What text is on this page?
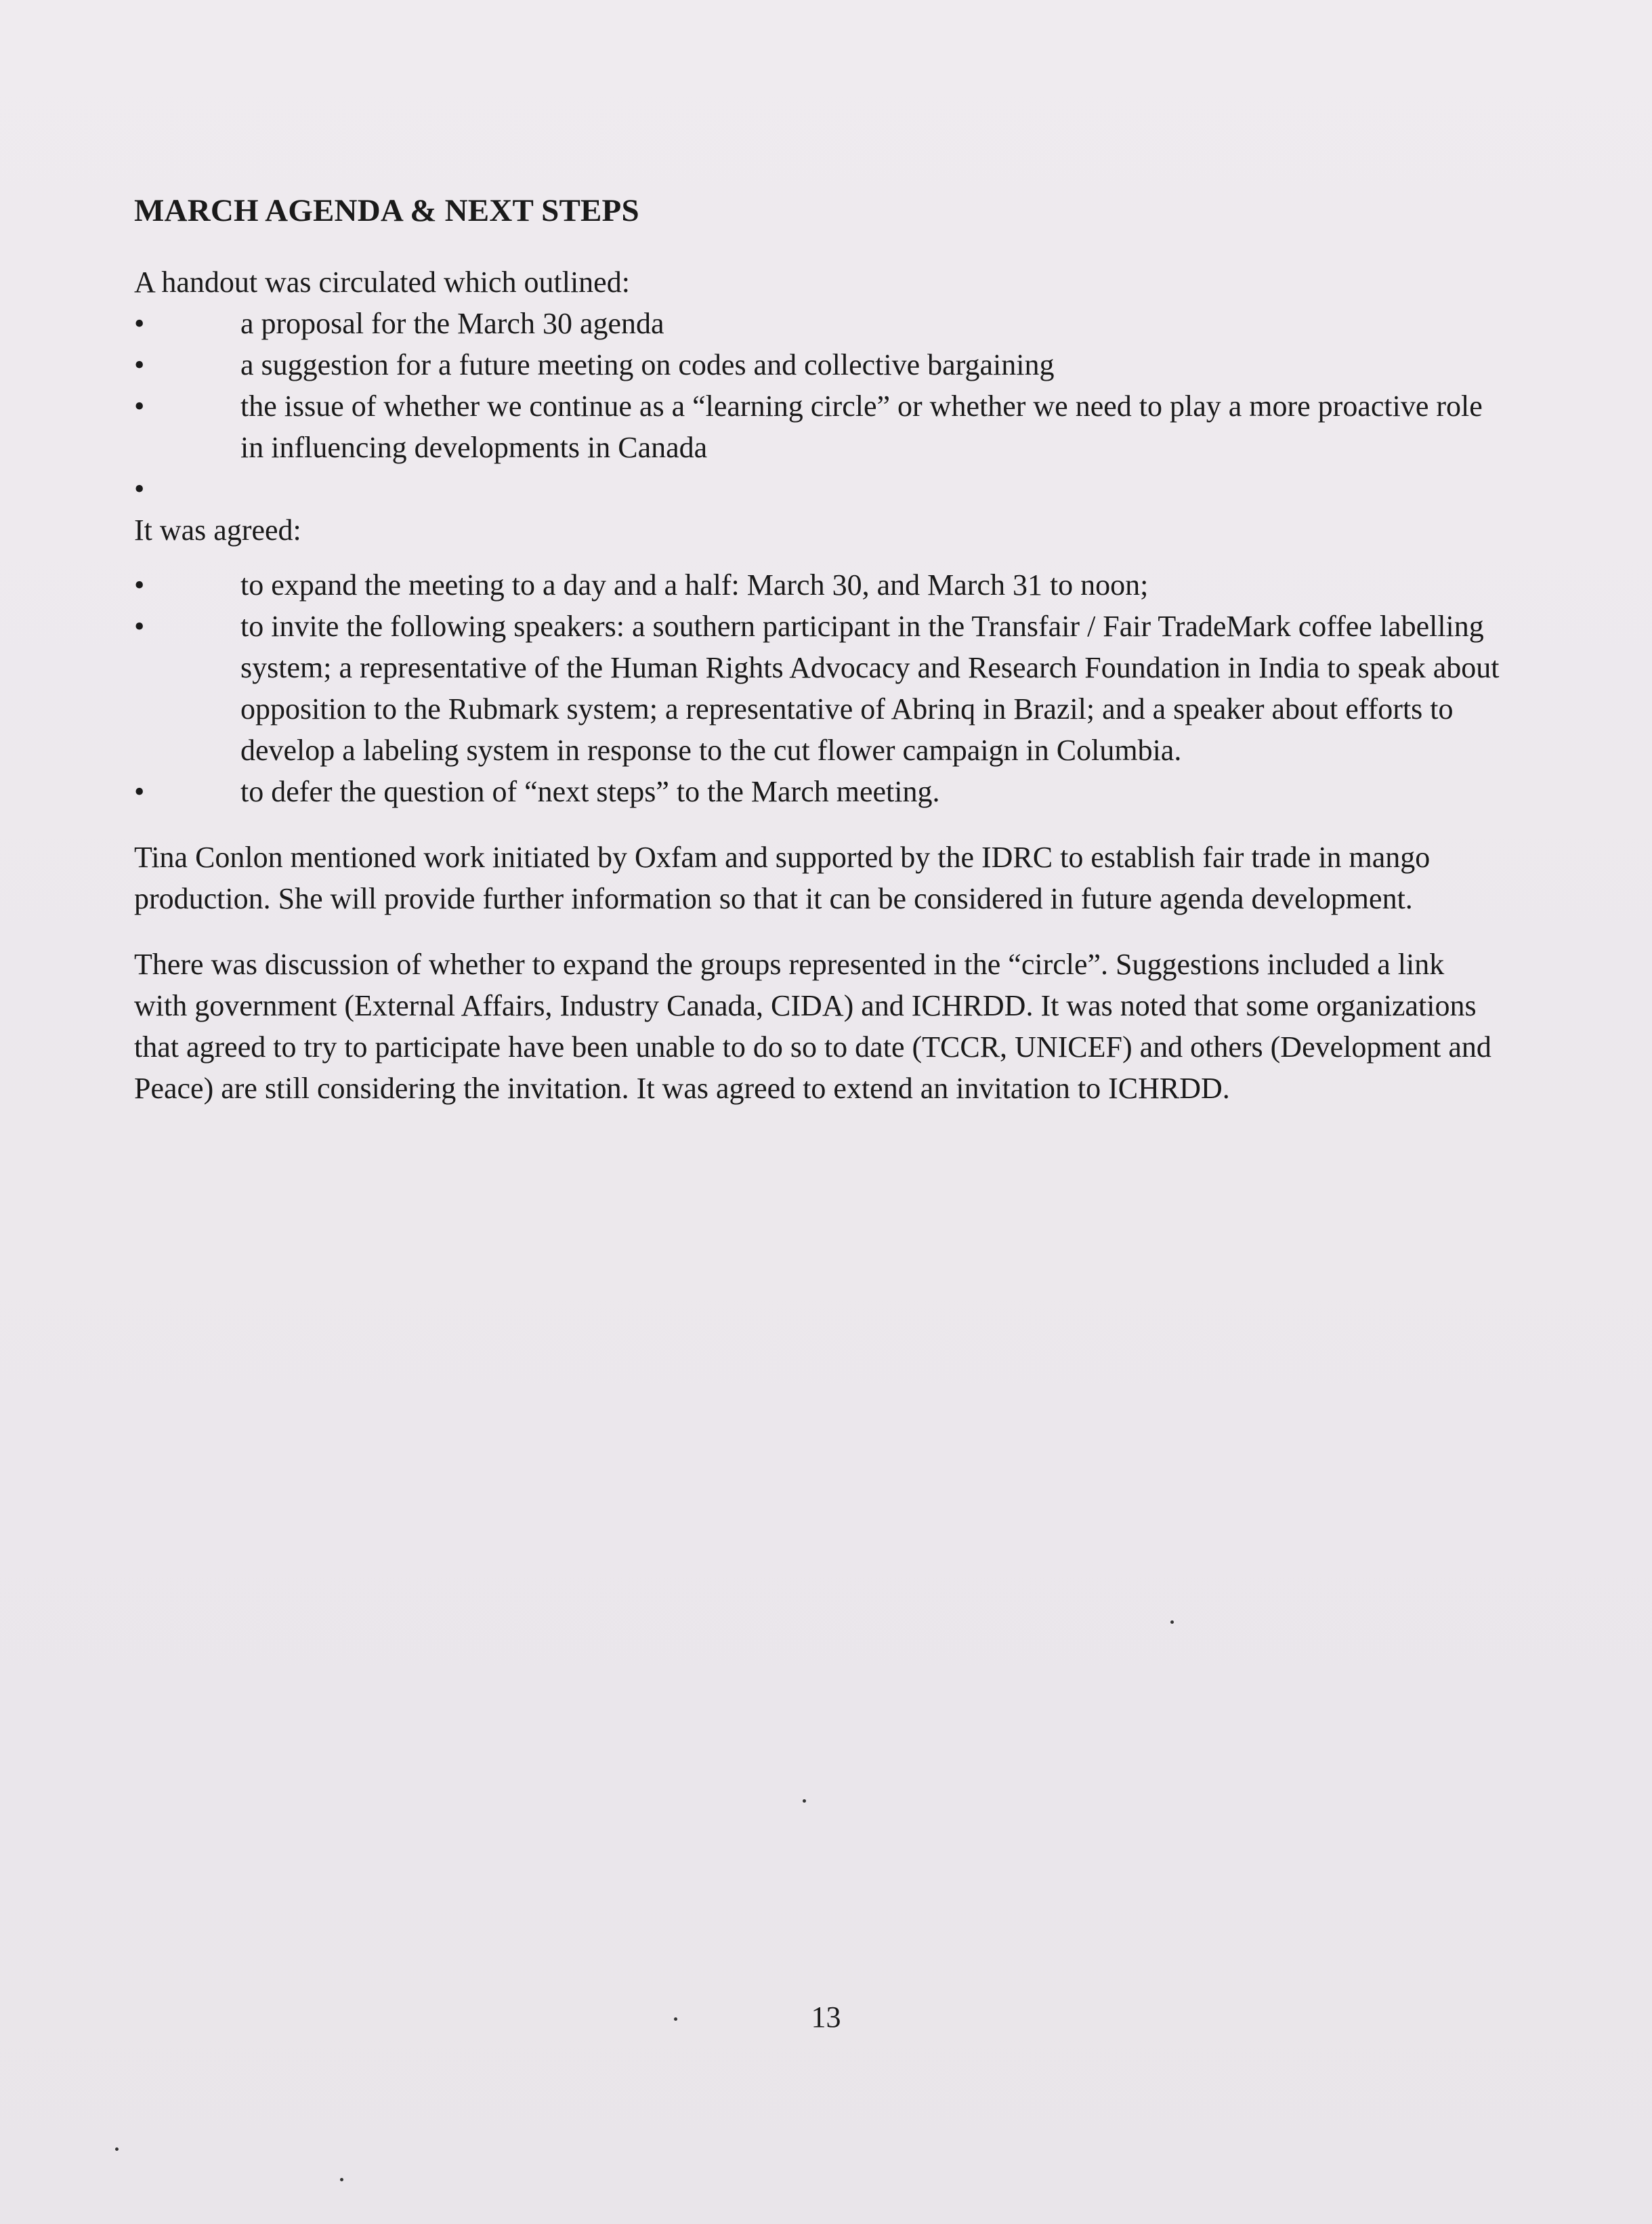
MARCH AGENDA & NEXT STEPS

A handout was circulated which outlined:

•	a proposal for the March 30 agenda
•	a suggestion for a future meeting on codes and collective bargaining
•	the issue of whether we continue as a “learning circle” or whether we need to play a more proactive role in influencing developments in Canada
•

It was agreed:

•	to expand the meeting to a day and a half: March 30, and March 31 to noon;
•	to invite the following speakers: a southern participant in the Transfair / Fair TradeMark coffee labelling system; a representative of the Human Rights Advocacy and Research Foundation in India to speak about opposition to the Rubmark system; a representative of Abrinq in Brazil; and a speaker about efforts to develop a labeling system in response to the cut flower campaign in Columbia.
•	to defer the question of “next steps” to the March meeting.

Tina Conlon mentioned work initiated by Oxfam and supported by the IDRC to establish fair trade in mango production. She will provide further information so that it can be considered in future agenda development.

There was discussion of whether to expand the groups represented in the “circle”. Suggestions included a link with government (External Affairs, Industry Canada, CIDA) and ICHRDD. It was noted that some organizations that agreed to try to participate have been unable to do so to date (TCCR, UNICEF) and others (Development and Peace) are still considering the invitation. It was agreed to extend an invitation to ICHRDD.

13
